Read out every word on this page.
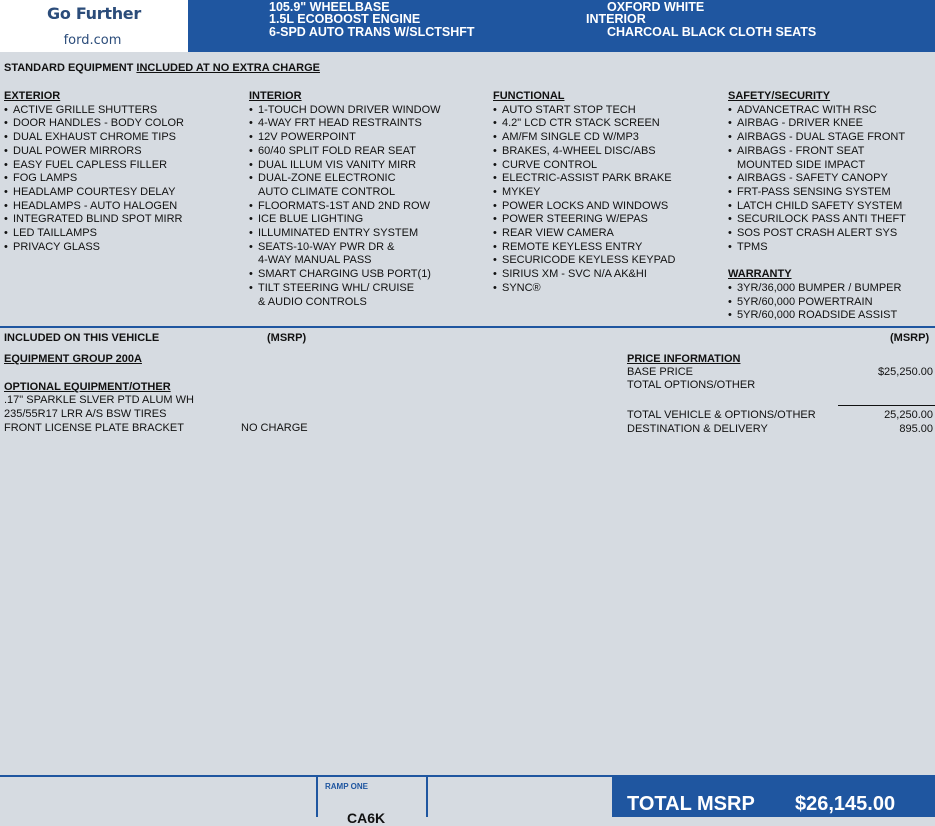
Go Further
ford.com
105.9" WHEELBASE
1.5L ECOBOOST ENGINE
6-SPD AUTO TRANS W/SLCTSHFT
OXFORD WHITE
INTERIOR
CHARCOAL BLACK CLOTH SEATS
STANDARD EQUIPMENT INCLUDED AT NO EXTRA CHARGE
EXTERIOR
• ACTIVE GRILLE SHUTTERS
• DOOR HANDLES - BODY COLOR
• DUAL EXHAUST CHROME TIPS
• DUAL POWER MIRRORS
• EASY FUEL CAPLESS FILLER
• FOG LAMPS
• HEADLAMP COURTESY DELAY
• HEADLAMPS - AUTO HALOGEN
• INTEGRATED BLIND SPOT MIRR
• LED TAILLAMPS
• PRIVACY GLASS
INTERIOR
• 1-TOUCH DOWN DRIVER WINDOW
• 4-WAY FRT HEAD RESTRAINTS
• 12V POWERPOINT
• 60/40 SPLIT FOLD REAR SEAT
• DUAL ILLUM VIS VANITY MIRR
• DUAL-ZONE ELECTRONIC
AUTO CLIMATE CONTROL
• FLOORMATS-1ST AND 2ND ROW
• ICE BLUE LIGHTING
• ILLUMINATED ENTRY SYSTEM
• SEATS-10-WAY PWR DR &
4-WAY MANUAL PASS
• SMART CHARGING USB PORT(1)
• TILT STEERING WHL/ CRUISE
& AUDIO CONTROLS
FUNCTIONAL
• AUTO START STOP TECH
• 4.2" LCD CTR STACK SCREEN
• AM/FM SINGLE CD W/MP3
• BRAKES, 4-WHEEL DISC/ABS
• CURVE CONTROL
• ELECTRIC-ASSIST PARK BRAKE
• MYKEY
• POWER LOCKS AND WINDOWS
• POWER STEERING W/EPAS
• REAR VIEW CAMERA
• REMOTE KEYLESS ENTRY
• SECURICODE KEYLESS KEYPAD
• SIRIUS XM - SVC N/A AK&HI
• SYNC®
SAFETY/SECURITY
• ADVANCETRAC WITH RSC
• AIRBAG - DRIVER KNEE
• AIRBAGS - DUAL STAGE FRONT
• AIRBAGS - FRONT SEAT
MOUNTED SIDE IMPACT
• AIRBAGS - SAFETY CANOPY
• FRT-PASS SENSING SYSTEM
• LATCH CHILD SAFETY SYSTEM
• SECURILOCK PASS ANTI THEFT
• SOS POST CRASH ALERT SYS
• TPMS
WARRANTY
• 3YR/36,000 BUMPER / BUMPER
• 5YR/60,000 POWERTRAIN
• 5YR/60,000 ROADSIDE ASSIST
INCLUDED ON THIS VEHICLE	(MSRP)	(MSRP)
EQUIPMENT GROUP 200A
OPTIONAL EQUIPMENT/OTHER
.17" SPARKLE SLVER PTD ALUM WH
235/55R17 LRR A/S BSW TIRES
FRONT LICENSE PLATE BRACKET	NO CHARGE
PRICE INFORMATION
BASE PRICE	$25,250.00
TOTAL OPTIONS/OTHER
TOTAL VEHICLE & OPTIONS/OTHER	25,250.00
DESTINATION & DELIVERY	895.00
RAMP ONE
CA6K
TOTAL MSRP $26,145.00
